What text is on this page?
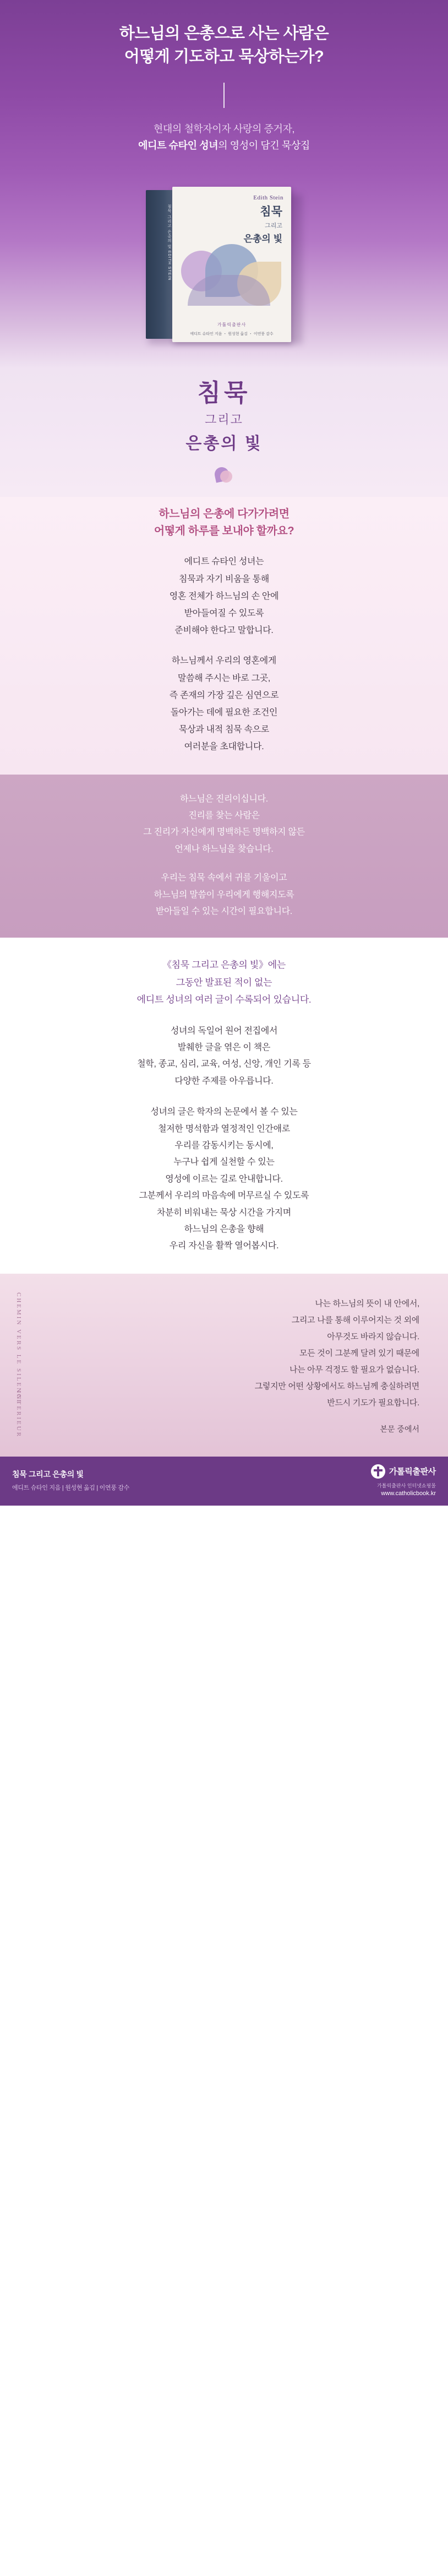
하느님의 은총으로 사는 사람은
어떻게 기도하고 묵상하는가?
현대의 철학자이자 사랑의 증거자,
에디트 슈타인 성녀의 영성이 담긴 묵상집
침묵 그리고 은총의 빛 EDITH STEIN
Edith Stein
침묵
그리고
은총의 빛
가톨릭출판사
에디트 슈타인 지음 ・ 원성현 옮김 ・ 이연풍 감수
침묵
그리고
은총의 빛
하느님의 은총에 다가가려면
어떻게 하루를 보내야 할까요?
에디트 슈타인 성녀는
침묵과 자기 비움을 통해
영혼 전체가 하느님의 손 안에
받아들여질 수 있도록
준비해야 한다고 말합니다.
하느님께서 우리의 영혼에게
말씀해 주시는 바로 그곳,
즉 존재의 가장 깊은 심연으로
돌아가는 데에 필요한 조건인
묵상과 내적 침묵 속으로
여러분을 초대합니다.

하느님은 진리이십니다.
진리를 찾는 사람은
그 진리가 자신에게 명백하든 명백하지 않든
언제나 하느님을 찾습니다.

우리는 침묵 속에서 귀를 기울이고
하느님의 말씀이 우리에게 행해지도록
받아들일 수 있는 시간이 필요합니다.

《침묵 그리고 은총의 빛》에는
그동안 발표된 적이 없는
에디트 성녀의 여러 글이 수록되어 있습니다.
성녀의 독일어 원어 전집에서
발췌한 글을 엮은 이 책은
철학, 종교, 심리, 교육, 여성, 신앙, 개인 기록 등
다양한 주제를 아우릅니다.
성녀의 글은 학자의 논문에서 볼 수 있는
철저한 명석함과 열정적인 인간애로
우리를 감동시키는 동시에,
누구나 쉽게 실천할 수 있는
영성에 이르는 길로 안내합니다.
그분께서 우리의 마음속에 머무르실 수 있도록
차분히 비워내는 묵상 시간을 가지며
하느님의 은총을 향해
우리 자신을 활짝 열어봅시다.
CHEMIN VERS LE SILENCE
INTERIEUR
나는 하느님의 뜻이 내 안에서,
그리고 나를 통해 이루어지는 것 외에
아무것도 바라지 않습니다.
모든 것이 그분께 달려 있기 때문에
나는 아무 걱정도 할 필요가 없습니다.
그렇지만 어떤 상황에서도 하느님께 충실하려면
반드시 기도가 필요합니다.
본문 중에서
침묵 그리고 은총의 빛
에디트 슈타인 지음 | 원성현 옮김 | 이연풍 감수
가톨릭출판사
가톨릭출판사 인터넷쇼핑몰
www.catholicbook.kr
